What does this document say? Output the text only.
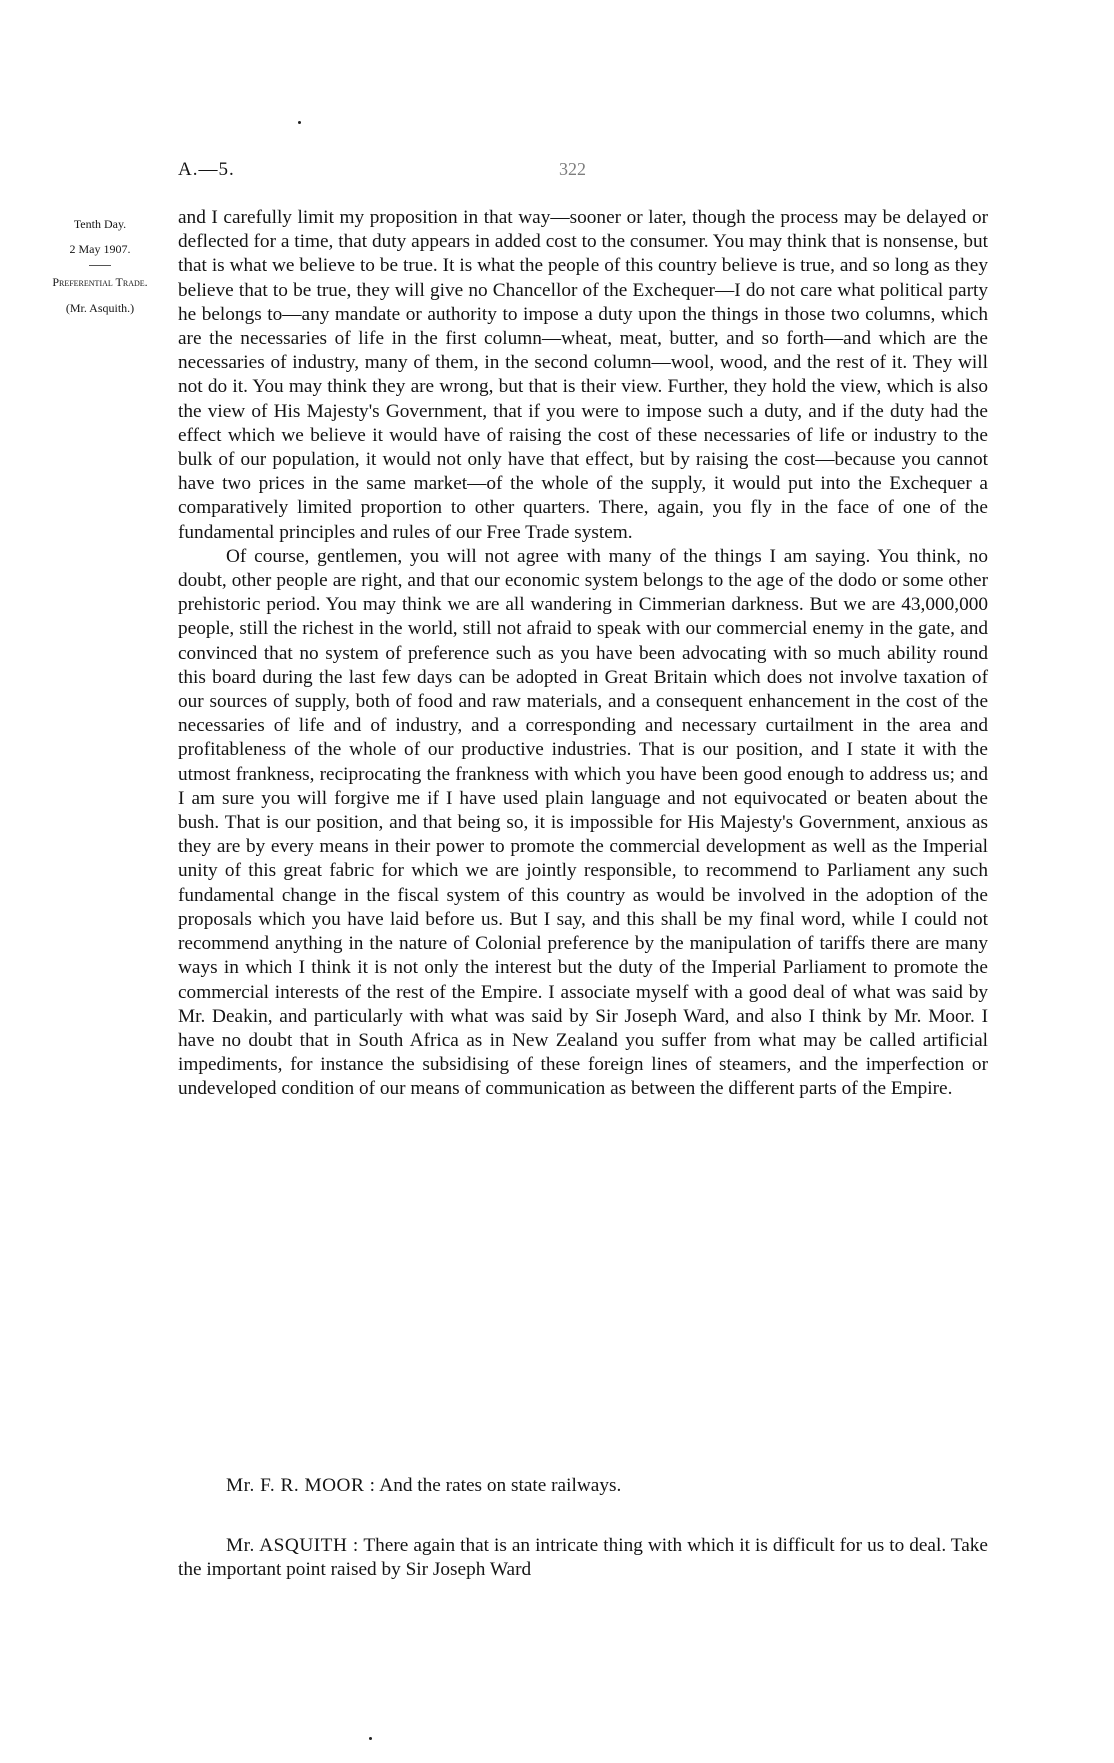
A.—5.	322
Tenth Day.
2 May 1907.
Preferential Trade.
(Mr. Asquith.)

and I carefully limit my proposition in that way—sooner or later, though the process may be delayed or deflected for a time, that duty appears in added cost to the consumer. You may think that is nonsense, but that is what we believe to be true. It is what the people of this country believe is true, and so long as they believe that to be true, they will give no Chancellor of the Exchequer—I do not care what political party he belongs to—any mandate or authority to impose a duty upon the things in those two columns, which are the necessaries of life in the first column—wheat, meat, butter, and so forth—and which are the necessaries of industry, many of them, in the second column—wool, wood, and the rest of it. They will not do it. You may think they are wrong, but that is their view. Further, they hold the view, which is also the view of His Majesty's Government, that if you were to impose such a duty, and if the duty had the effect which we believe it would have of raising the cost of these necessaries of life or industry to the bulk of our population, it would not only have that effect, but by raising the cost—because you cannot have two prices in the same market—of the whole of the supply, it would put into the Exchequer a comparatively limited proportion to other quarters. There, again, you fly in the face of one of the fundamental principles and rules of our Free Trade system.

Of course, gentlemen, you will not agree with many of the things I am saying. You think, no doubt, other people are right, and that our economic system belongs to the age of the dodo or some other prehistoric period. You may think we are all wandering in Cimmerian darkness. But we are 43,000,000 people, still the richest in the world, still not afraid to speak with our commercial enemy in the gate, and convinced that no system of preference such as you have been advocating with so much ability round this board during the last few days can be adopted in Great Britain which does not involve taxation of our sources of supply, both of food and raw materials, and a consequent enhancement in the cost of the necessaries of life and of industry, and a corresponding and necessary curtailment in the area and profitableness of the whole of our productive industries. That is our position, and I state it with the utmost frankness, reciprocating the frankness with which you have been good enough to address us; and I am sure you will forgive me if I have used plain language and not equivocated or beaten about the bush. That is our position, and that being so, it is impossible for His Majesty's Government, anxious as they are by every means in their power to promote the commercial development as well as the Imperial unity of this great fabric for which we are jointly responsible, to recommend to Parliament any such fundamental change in the fiscal system of this country as would be involved in the adoption of the proposals which you have laid before us. But I say, and this shall be my final word, while I could not recommend anything in the nature of Colonial preference by the manipulation of tariffs there are many ways in which I think it is not only the interest but the duty of the Imperial Parliament to promote the commercial interests of the rest of the Empire. I associate myself with a good deal of what was said by Mr. Deakin, and particularly with what was said by Sir Joseph Ward, and also I think by Mr. Moor. I have no doubt that in South Africa as in New Zealand you suffer from what may be called artificial impediments, for instance the subsidising of these foreign lines of steamers, and the imperfection or undeveloped condition of our means of communication as between the different parts of the Empire.

Mr. F. R. MOOR : And the rates on state railways.

Mr. ASQUITH : There again that is an intricate thing with which it is difficult for us to deal. Take the important point raised by Sir Joseph Ward
